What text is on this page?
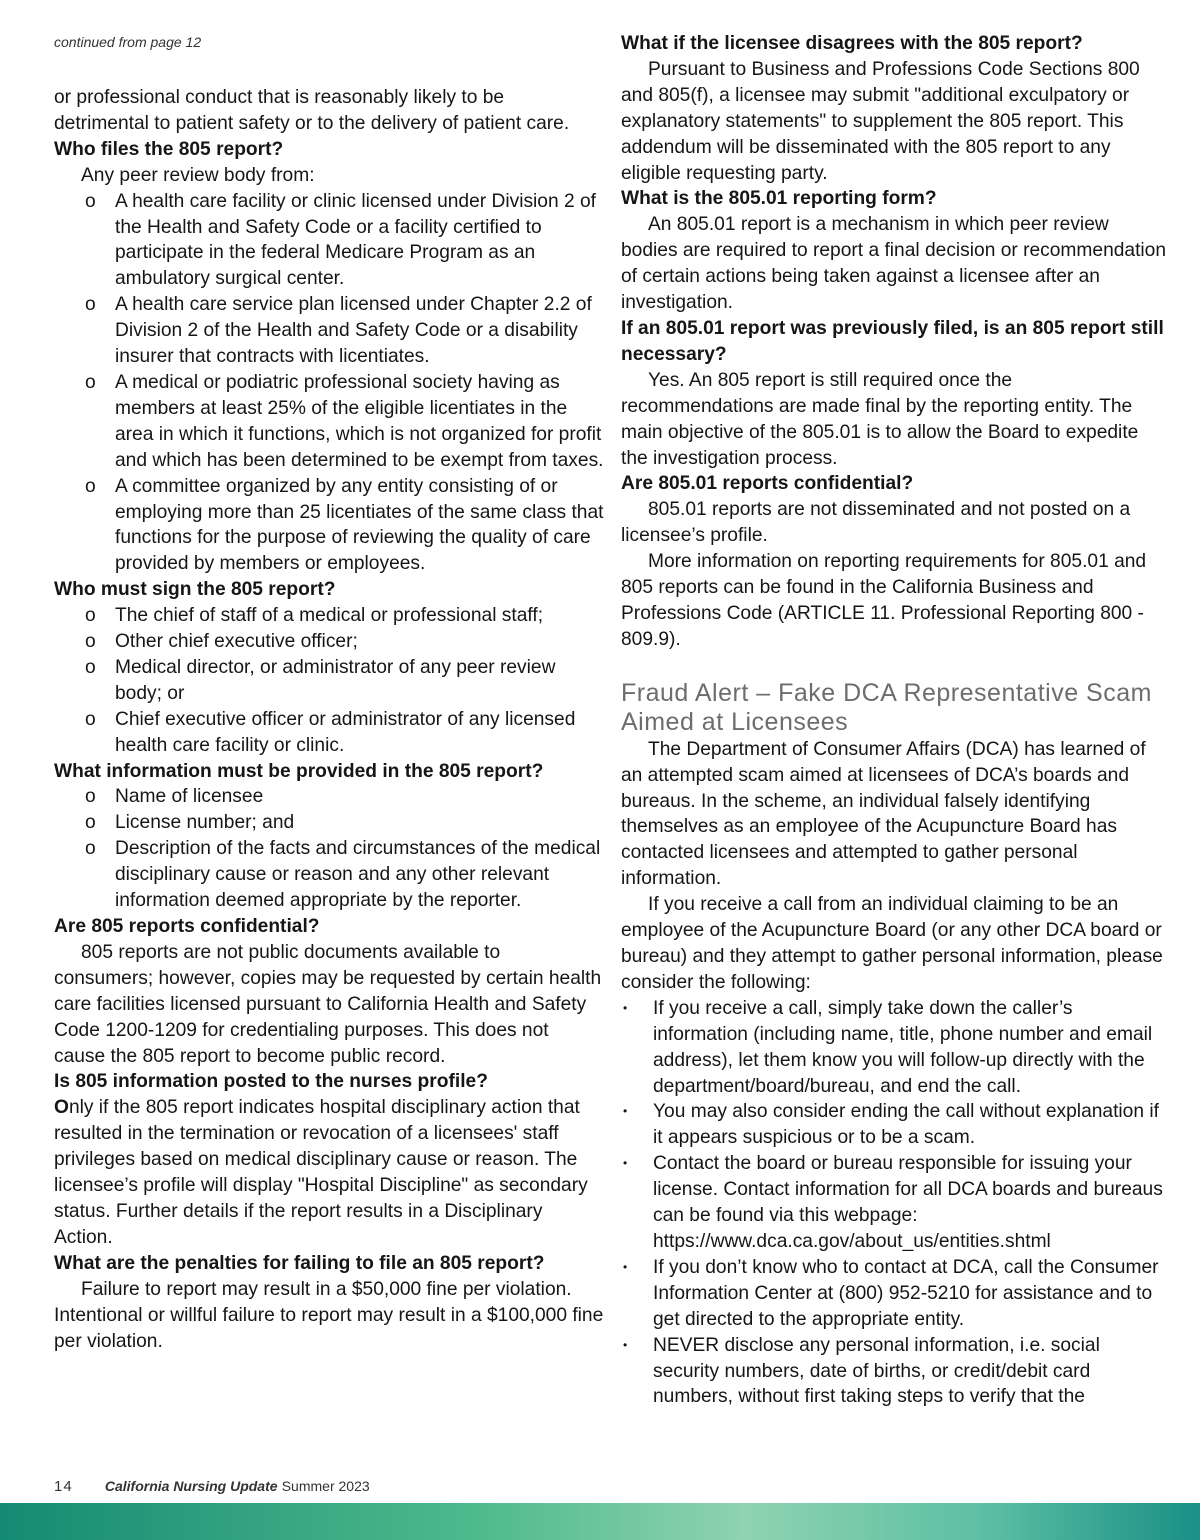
continued from page 12

or professional conduct that is reasonably likely to be detrimental to patient safety or to the delivery of patient care.

Who files the 805 report?

Any peer review body from:

o A health care facility or clinic licensed under Division 2 of the Health and Safety Code or a facility certified to participate in the federal Medicare Program as an ambulatory surgical center.

o A health care service plan licensed under Chapter 2.2 of Division 2 of the Health and Safety Code or a disability insurer that contracts with licentiates.

o A medical or podiatric professional society having as members at least 25% of the eligible licentiates in the area in which it functions, which is not organized for profit and which has been determined to be exempt from taxes.

o A committee organized by any entity consisting of or employing more than 25 licentiates of the same class that functions for the purpose of reviewing the quality of care provided by members or employees.

Who must sign the 805 report?

o The chief of staff of a medical or professional staff;

o Other chief executive officer;

o Medical director, or administrator of any peer review body; or

o Chief executive officer or administrator of any licensed health care facility or clinic.

What information must be provided in the 805 report?

o Name of licensee

o License number; and

o Description of the facts and circumstances of the medical disciplinary cause or reason and any other relevant information deemed appropriate by the reporter.

Are 805 reports confidential?

805 reports are not public documents available to consumers; however, copies may be requested by certain health care facilities licensed pursuant to California Health and Safety Code 1200-1209 for credentialing purposes. This does not cause the 805 report to become public record.

Is 805 information posted to the nurses profile?

Only if the 805 report indicates hospital disciplinary action that resulted in the termination or revocation of a licensees' staff privileges based on medical disciplinary cause or reason. The licensee’s profile will display "Hospital Discipline" as secondary status. Further details if the report results in a Disciplinary Action.

What are the penalties for failing to file an 805 report?

Failure to report may result in a $50,000 fine per violation. Intentional or willful failure to report may result in a $100,000 fine per violation.

What if the licensee disagrees with the 805 report?

Pursuant to Business and Professions Code Sections 800 and 805(f), a licensee may submit "additional exculpatory or explanatory statements" to supplement the 805 report. This addendum will be disseminated with the 805 report to any eligible requesting party.

What is the 805.01 reporting form?

An 805.01 report is a mechanism in which peer review bodies are required to report a final decision or recommendation of certain actions being taken against a licensee after an investigation.

If an 805.01 report was previously filed, is an 805 report still necessary?

Yes. An 805 report is still required once the recommendations are made final by the reporting entity. The main objective of the 805.01 is to allow the Board to expedite the investigation process.

Are 805.01 reports confidential?

805.01 reports are not disseminated and not posted on a licensee’s profile.

More information on reporting requirements for 805.01 and 805 reports can be found in the California Business and Professions Code (ARTICLE 11. Professional Reporting 800 - 809.9).

Fraud Alert – Fake DCA Representative Scam Aimed at Licensees

The Department of Consumer Affairs (DCA) has learned of an attempted scam aimed at licensees of DCA’s boards and bureaus. In the scheme, an individual falsely identifying themselves as an employee of the Acupuncture Board has contacted licensees and attempted to gather personal information.

If you receive a call from an individual claiming to be an employee of the Acupuncture Board (or any other DCA board or bureau) and they attempt to gather personal information, please consider the following:

• If you receive a call, simply take down the caller’s information (including name, title, phone number and email address), let them know you will follow-up directly with the department/board/bureau, and end the call.

• You may also consider ending the call without explanation if it appears suspicious or to be a scam.

• Contact the board or bureau responsible for issuing your license. Contact information for all DCA boards and bureaus can be found via this webpage: https://www.dca.ca.gov/about_us/entities.shtml

• If you don’t know who to contact at DCA, call the Consumer Information Center at (800) 952-5210 for assistance and to get directed to the appropriate entity.

• NEVER disclose any personal information, i.e. social security numbers, date of births, or credit/debit card numbers, without first taking steps to verify that the

14 California Nursing Update Summer 2023
